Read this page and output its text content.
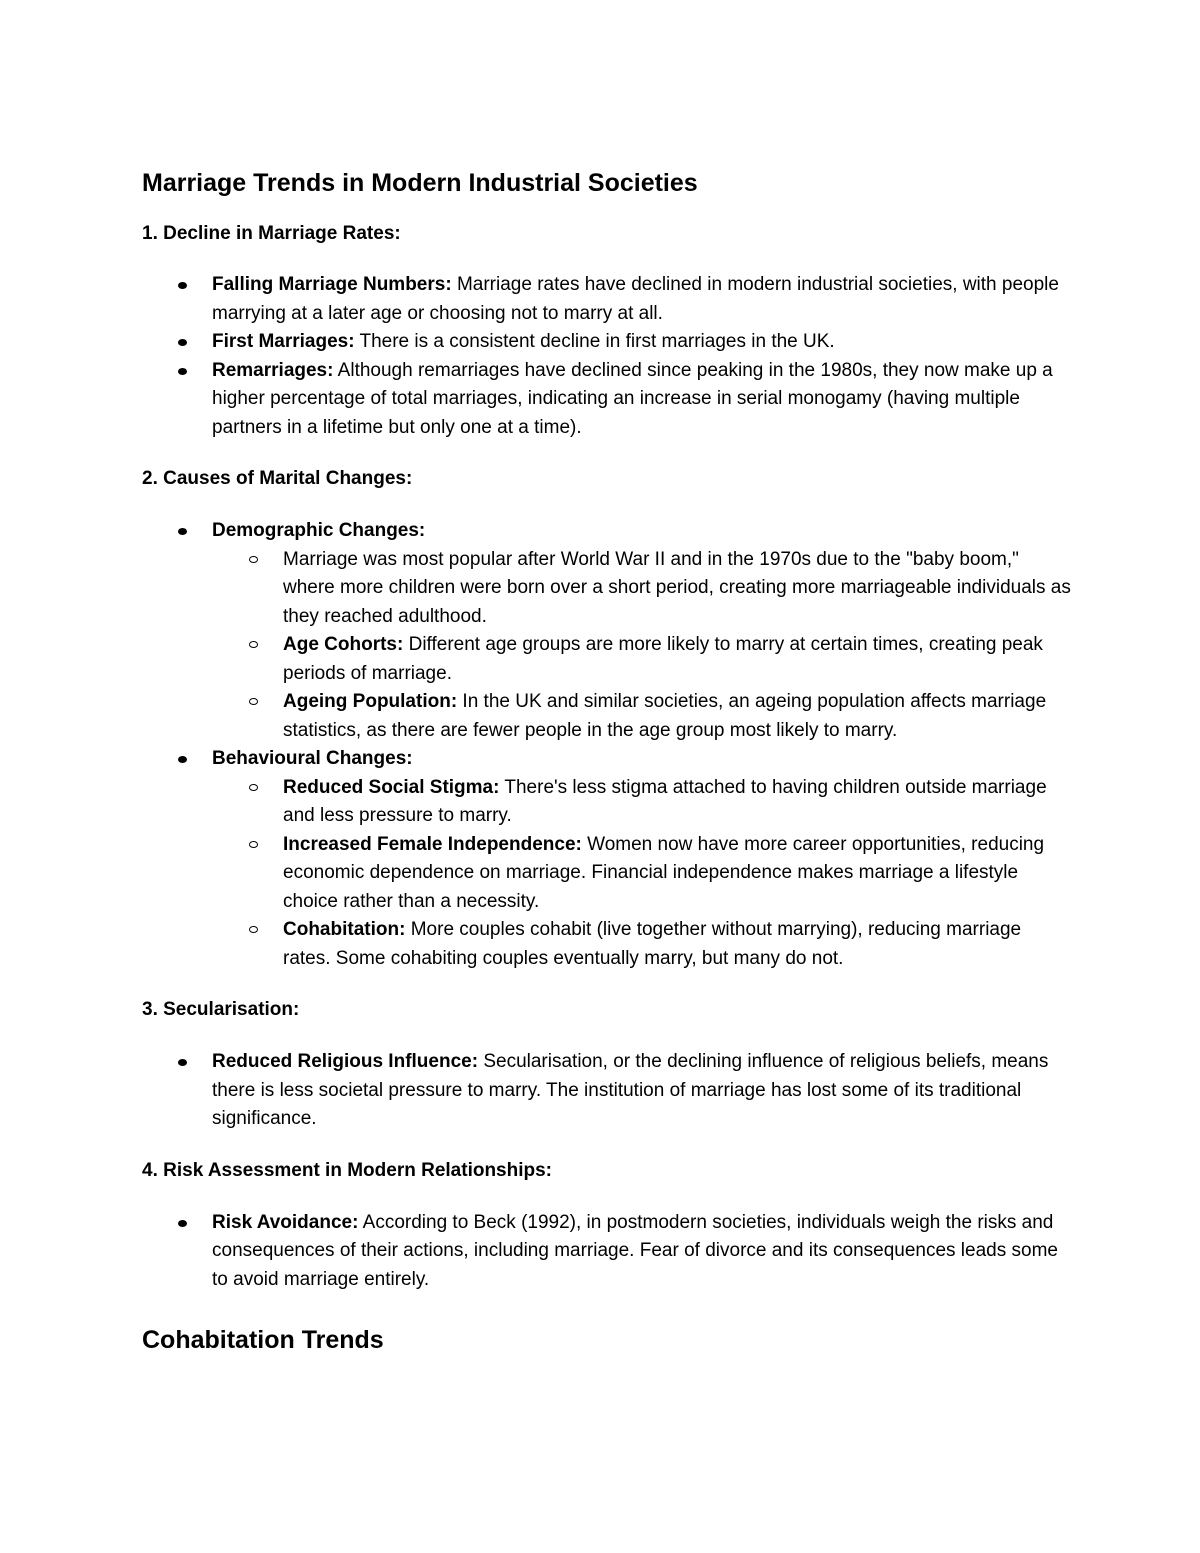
Marriage Trends in Modern Industrial Societies
1. Decline in Marriage Rates:
Falling Marriage Numbers: Marriage rates have declined in modern industrial societies, with people marrying at a later age or choosing not to marry at all.
First Marriages: There is a consistent decline in first marriages in the UK.
Remarriages: Although remarriages have declined since peaking in the 1980s, they now make up a higher percentage of total marriages, indicating an increase in serial monogamy (having multiple partners in a lifetime but only one at a time).
2. Causes of Marital Changes:
Demographic Changes:
Marriage was most popular after World War II and in the 1970s due to the "baby boom," where more children were born over a short period, creating more marriageable individuals as they reached adulthood.
Age Cohorts: Different age groups are more likely to marry at certain times, creating peak periods of marriage.
Ageing Population: In the UK and similar societies, an ageing population affects marriage statistics, as there are fewer people in the age group most likely to marry.
Behavioural Changes:
Reduced Social Stigma: There's less stigma attached to having children outside marriage and less pressure to marry.
Increased Female Independence: Women now have more career opportunities, reducing economic dependence on marriage. Financial independence makes marriage a lifestyle choice rather than a necessity.
Cohabitation: More couples cohabit (live together without marrying), reducing marriage rates. Some cohabiting couples eventually marry, but many do not.
3. Secularisation:
Reduced Religious Influence: Secularisation, or the declining influence of religious beliefs, means there is less societal pressure to marry. The institution of marriage has lost some of its traditional significance.
4. Risk Assessment in Modern Relationships:
Risk Avoidance: According to Beck (1992), in postmodern societies, individuals weigh the risks and consequences of their actions, including marriage. Fear of divorce and its consequences leads some to avoid marriage entirely.
Cohabitation Trends
